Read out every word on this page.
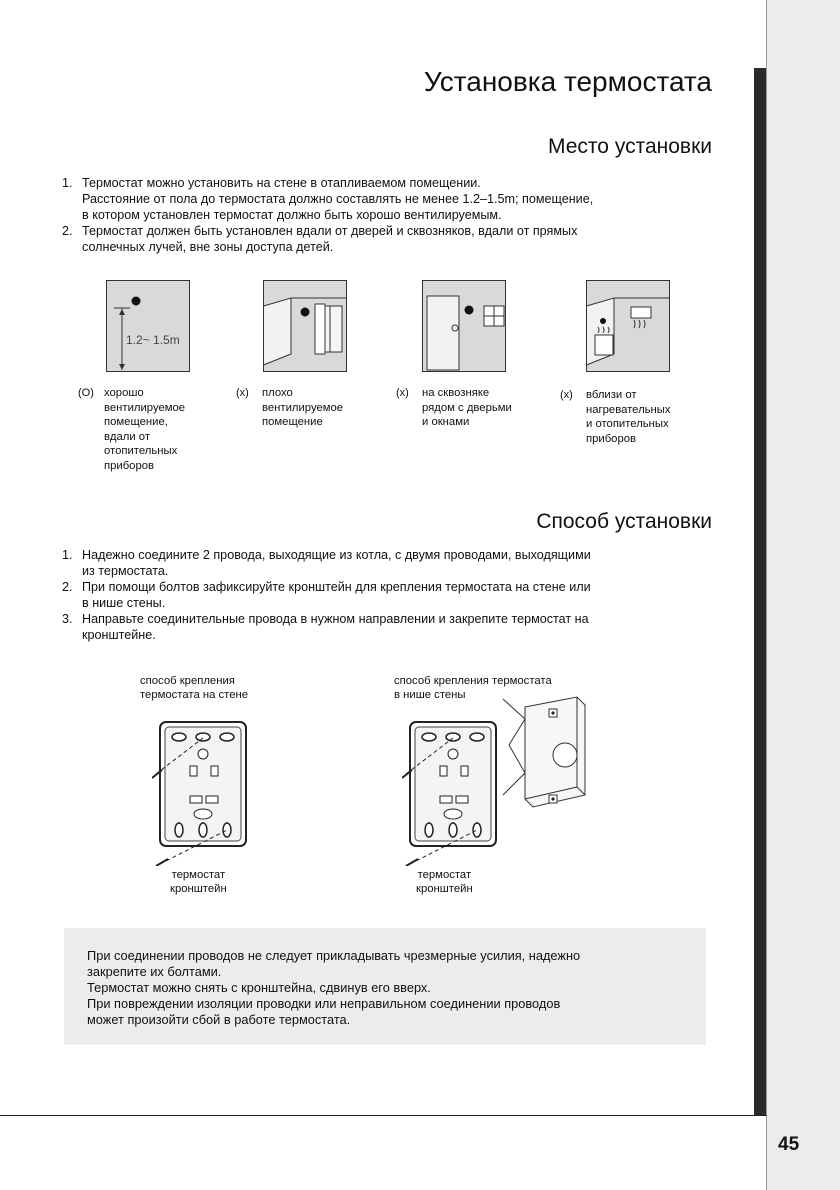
45
Установка термостата
Место установки
1. Термостат можно установить на стене в отапливаемом помещении.
Расстояние от пола до термостата должно составлять не менее 1.2–1.5m; помещение,
в котором установлен термостат должно быть хорошо вентилируемым.
2. Термостат должен быть установлен вдали от дверей и сквозняков, вдали от прямых
солнечных лучей, вне зоны доступа детей.
1.2~ 1.5m
(O) хорошо
вентилируемое
помещение,
вдали от
отопительных
приборов
(x) плохо
вентилируемое
помещение
(x) на сквозняке
рядом с дверьми
и окнами
(x) вблизи от
нагревательных
и отопительных
приборов
Способ установки
1. Надежно соедините 2 провода, выходящие из котла, с двумя проводами, выходящими
из термостата.
2. При помощи болтов зафиксируйте кронштейн для крепления термостата на стене или
в нише стены.
3. Направьте соединительные провода в нужном направлении и закрепите термостат на
кронштейне.
способ крепления
термостата на стене
способ крепления термостата
в нише стены
термостат
кронштейн
термостат
кронштейн

При соединении проводов не следует прикладывать чрезмерные усилия, надежно
закрепите их болтами.
Термостат можно снять с кронштейна, сдвинув его вверх.
При повреждении изоляции проводки или неправильном соединении проводов
может произойти сбой в работе термостата.
